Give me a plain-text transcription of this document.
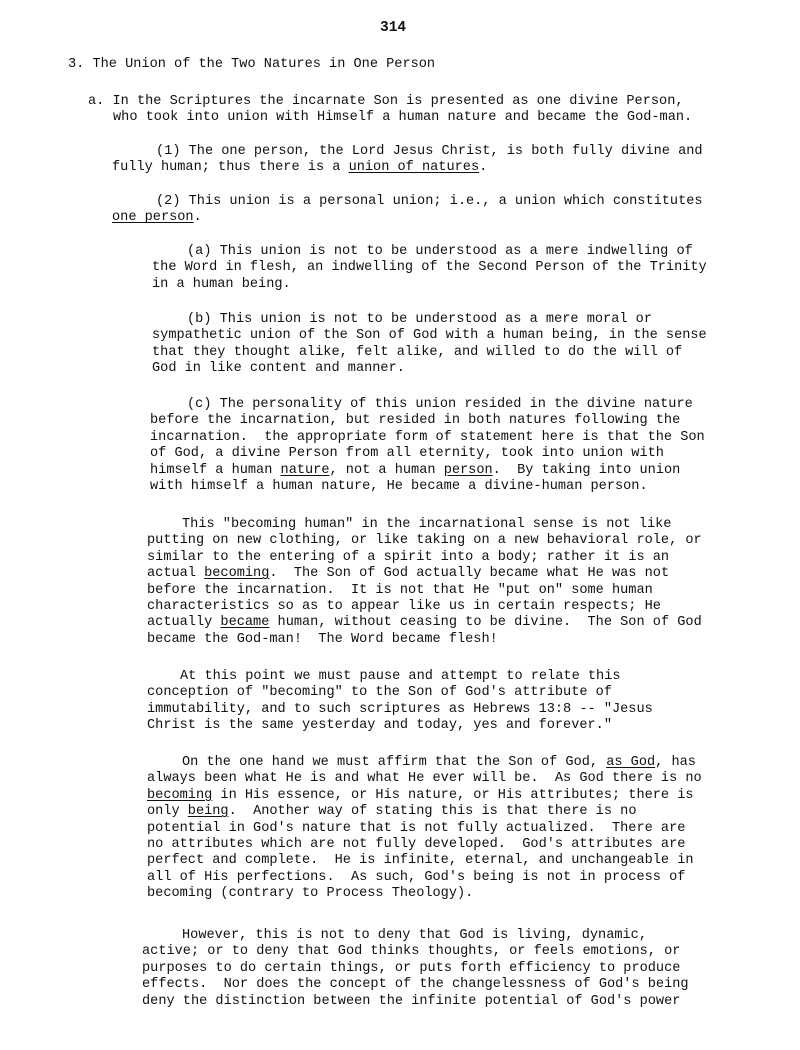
314
3. The Union of the Two Natures in One Person
a. In the Scriptures the incarnate Son is presented as one divine Person,
who took into union with Himself a human nature and became the God-man.
(1) The one person, the Lord Jesus Christ, is both fully divine and
fully human; thus there is a union of natures.
(2) This union is a personal union; i.e., a union which constitutes
one person.
(a) This union is not to be understood as a mere indwelling of
the Word in flesh, an indwelling of the Second Person of the Trinity
in a human being.
(b) This union is not to be understood as a mere moral or
sympathetic union of the Son of God with a human being, in the sense
that they thought alike, felt alike, and willed to do the will of
God in like content and manner.
(c) The personality of this union resided in the divine nature
before the incarnation, but resided in both natures following the
incarnation.  the appropriate form of statement here is that the Son
of God, a divine Person from all eternity, took into union with
himself a human nature, not a human person.  By taking into union
with himself a human nature, He became a divine-human person.
This "becoming human" in the incarnational sense is not like
putting on new clothing, or like taking on a new behavioral role, or
similar to the entering of a spirit into a body; rather it is an
actual becoming.  The Son of God actually became what He was not
before the incarnation.  It is not that He "put on" some human
characteristics so as to appear like us in certain respects; He
actually became human, without ceasing to be divine.  The Son of God
became the God-man!  The Word became flesh!
At this point we must pause and attempt to relate this
conception of "becoming" to the Son of God's attribute of
immutability, and to such scriptures as Hebrews 13:8 -- "Jesus
Christ is the same yesterday and today, yes and forever."
On the one hand we must affirm that the Son of God, as God, has
always been what He is and what He ever will be.  As God there is no
becoming in His essence, or His nature, or His attributes; there is
only being.  Another way of stating this is that there is no
potential in God's nature that is not fully actualized.  There are
no attributes which are not fully developed.  God's attributes are
perfect and complete.  He is infinite, eternal, and unchangeable in
all of His perfections.  As such, God's being is not in process of
becoming (contrary to Process Theology).
However, this is not to deny that God is living, dynamic,
active; or to deny that God thinks thoughts, or feels emotions, or
purposes to do certain things, or puts forth efficiency to produce
effects.  Nor does the concept of the changelessness of God's being
deny the distinction between the infinite potential of God's power
